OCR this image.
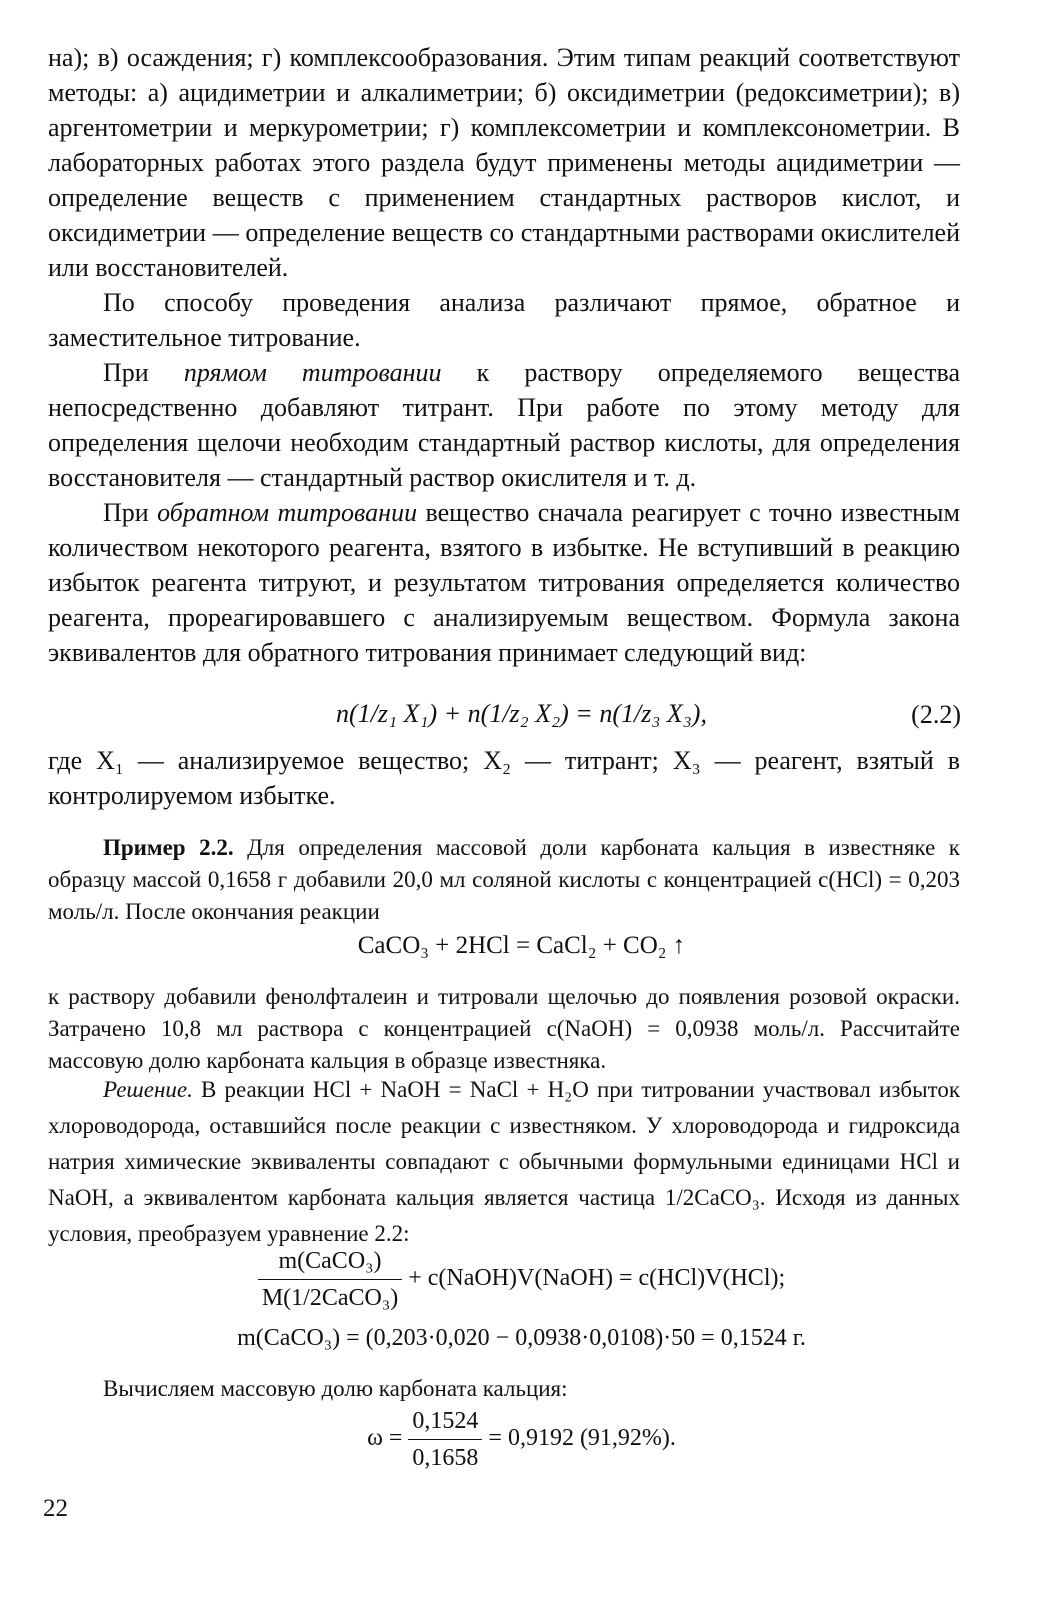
на); в) осаждения; г) комплексообразования. Этим типам реакций соответствуют методы: а) ацидиметрии и алкалиметрии; б) оксидиметрии (редоксиметрии); в) аргентометрии и меркурометрии; г) комплексометрии и комплексонометрии. В лабораторных работах этого раздела будут применены методы ацидиметрии — определение веществ с применением стандартных растворов кислот, и оксидиметрии — определение веществ со стандартными растворами окислителей или восстановителей.

По способу проведения анализа различают прямое, обратное и заместительное титрование.

При прямом титровании к раствору определяемого вещества непосредственно добавляют титрант. При работе по этому методу для определения щелочи необходим стандартный раствор кислоты, для определения восстановителя — стандартный раствор окислителя и т. д.

При обратном титровании вещество сначала реагирует с точно известным количеством некоторого реагента, взятого в избытке. Не вступивший в реакцию избыток реагента титруют, и результатом титрования определяется количество реагента, прореагировавшего с анализируемым веществом. Формула закона эквивалентов для обратного титрования принимает следующий вид:

n(1/z₁ X₁) + n(1/z₂ X₂) = n(1/z₃ X₃),	(2.2)

где X₁ — анализируемое вещество; X₂ — титрант; X₃ — реагент, взятый в контролируемом избытке.

Пример 2.2. Для определения массовой доли карбоната кальция в известняке к образцу массой 0,1658 г добавили 20,0 мл соляной кислоты с концентрацией c(HCl) = 0,203 моль/л. После окончания реакции

CaCO₃ + 2HCl = CaCl₂ + CO₂ ↑

к раствору добавили фенолфталеин и титровали щелочью до появления розовой окраски. Затрачено 10,8 мл раствора с концентрацией c(NaOH) = 0,0938 моль/л. Рассчитайте массовую долю карбоната кальция в образце известняка.

Решение. В реакции HCl + NaOH = NaCl + H₂O при титровании участвовал избыток хлороводорода, оставшийся после реакции с известняком. У хлороводорода и гидроксида натрия химические эквиваленты совпадают с обычными формульными единицами HCl и NaOH, а эквивалентом карбоната кальция является частица 1/2CaCO₃. Исходя из данных условия, преобразуем уравнение 2.2:

$\frac{\text{m(CaCO₃)}}{\text{M(1/2CaCO₃)}}$ + c(NaOH)V(NaOH) = c(HCl)V(HCl);

m(CaCO₃) = (0,203·0,020 − 0,0938·0,0108)·50 = 0,1524 г.

Вычисляем массовую долю карбоната кальция:

$\omega = \frac{0,1524}{0,1658} = 0,9192$ (91,92%).
22
